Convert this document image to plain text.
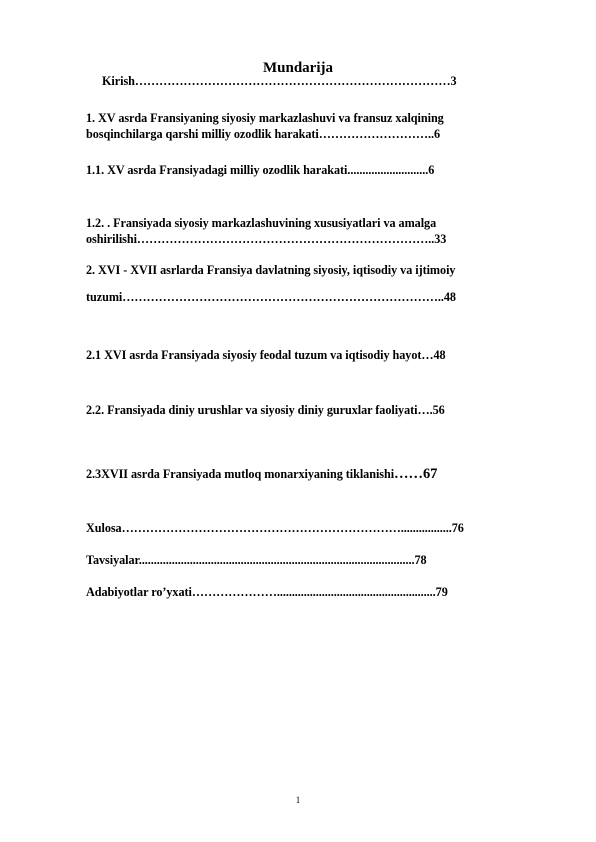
Mundarija
Kirish……………………………………………………………………3
1. XV asrda Fransiyaning siyosiy markazlashuvi va fransuz xalqining
bosqinchilarga qarshi milliy ozodlik harakati………………………..6
1.1. XV asrda Fransiyadagi milliy ozodlik harakati...........................6
1.2. . Fransiyada siyosiy markazlashuvining xususiyatlari va amalga
oshirilishi………………………………………………………………..33
2. XVI - XVII asrlarda Fransiya davlatning siyosiy, iqtisodiy va ijtimoiy
tuzumi……………………………………………………………………..48
2.1 XVI asrda Fransiyada siyosiy feodal tuzum va iqtisodiy hayot…48
2.2. Fransiyada diniy urushlar va siyosiy diniy guruxlar faoliyati….56
2.3XVII asrda Fransiyada mutloq monarxiyaning tiklanishi……67
Xulosa…………………………………………………………….................76
Tavsiyalar............................................................................................78
Adabiyotlar ro’yxati………………….....................................................79
1
